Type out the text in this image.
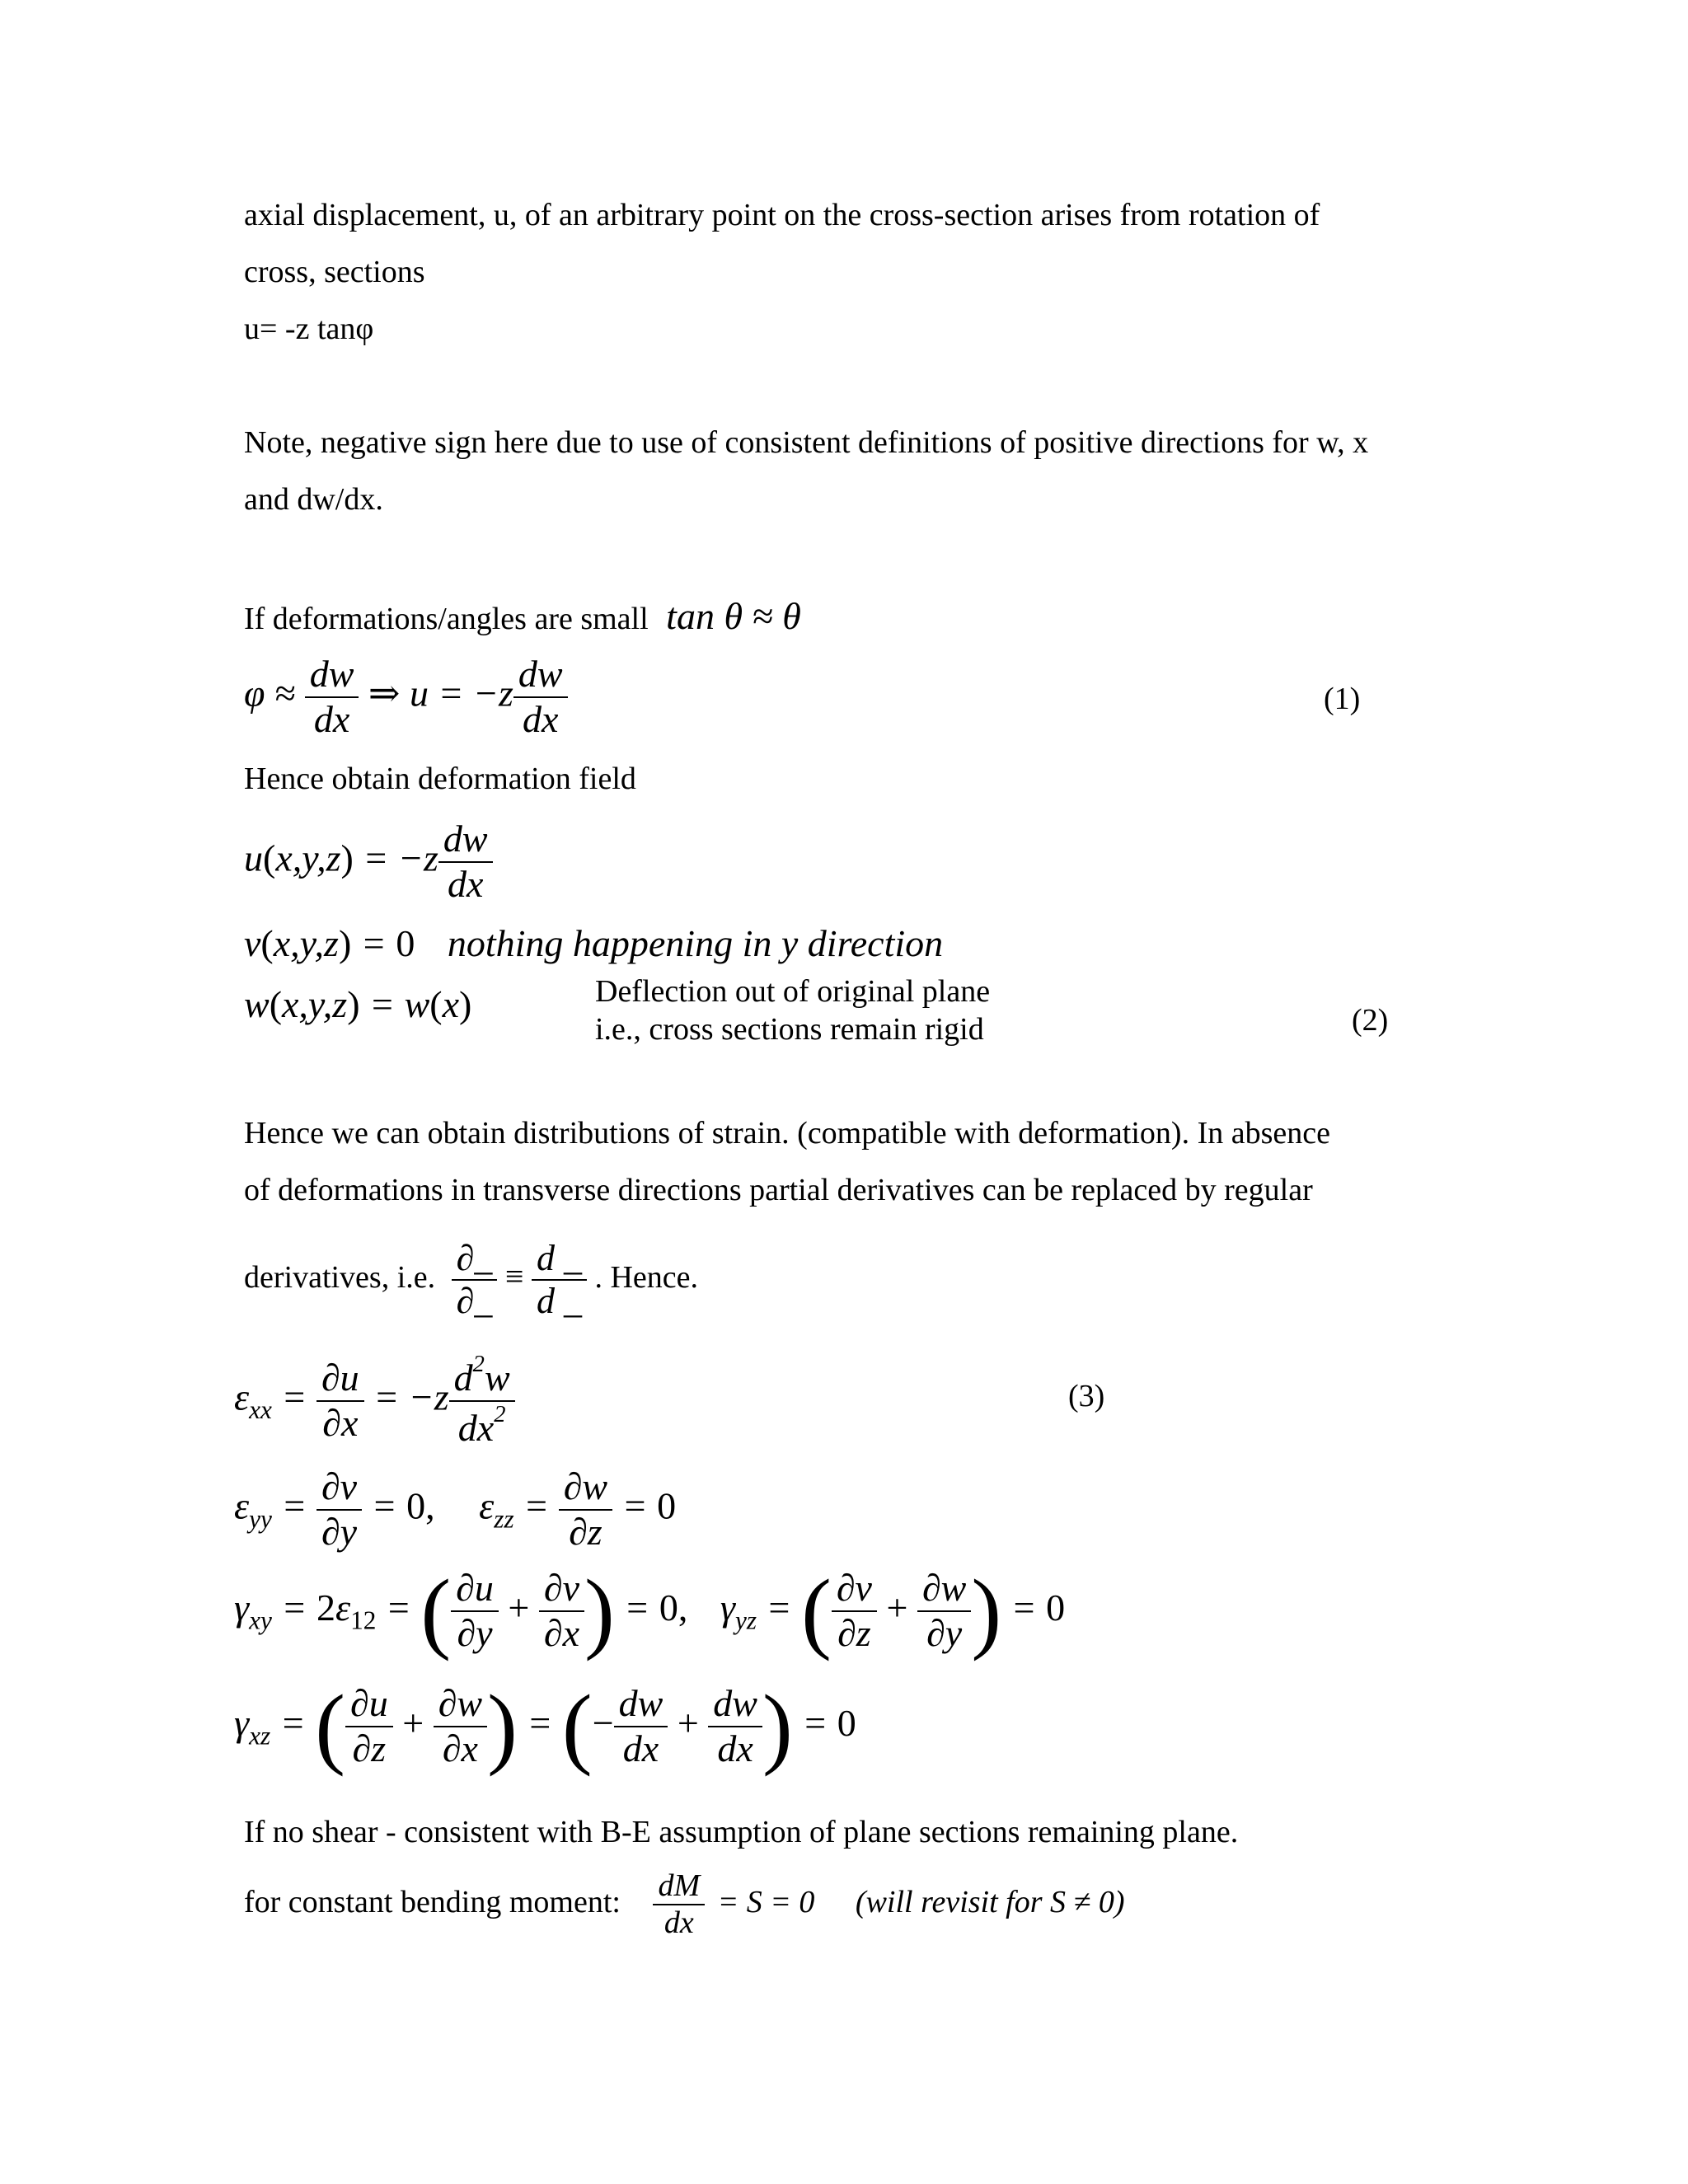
axial displacement, u, of an arbitrary point on the cross-section arises from rotation of
cross, sections
u= -z tanφ
Note, negative sign here due to use of consistent definitions of positive directions for w, x
and dw/dx.
If deformations/angles are small tan θ ≈ θ
$\varphi \approx \frac{dw}{dx}$ ⇒ $u = -z \frac{dw}{dx}$	(1)
Hence obtain deformation field
$u(x,y,z) = -z \frac{dw}{dx}$
v(x,y,z) = 0 nothing happening in y direction
w(x,y,z) = w(x)	Deflection out of original plane
i.e., cross sections remain rigid	(2)
Hence we can obtain distributions of strain. (compatible with deformation). In absence
of deformations in transverse directions partial derivatives can be replaced by regular
derivatives, i.e. $\frac{\partial\_}{\partial\_} \equiv \frac{d \_}{d \_}$ . Hence.
$\varepsilon_{xx} = \frac{\partial u}{\partial x} = -z \frac{d^2w}{dx^2}$	(3)
$\varepsilon_{yy} = \frac{\partial v}{\partial y} = 0$, $\varepsilon_{zz} = \frac{\partial w}{\partial z} = 0$
$\gamma_{xy} = 2\varepsilon_{12}$ = ( $\frac{\partial u}{\partial y} + \frac{\partial v}{\partial x}$ ) = 0, $\gamma_{yz}$ = ( $\frac{\partial v}{\partial z} + \frac{\partial w}{\partial y}$ ) = 0
$\gamma_{xz}$ = ( $\frac{\partial u}{\partial z} + \frac{\partial w}{\partial x}$ ) = (− $\frac{dw}{dx} + \frac{dw}{dx}$ ) = 0
If no shear - consistent with B-E assumption of plane sections remaining plane.
for constant bending moment: $\frac{dM}{dx} = S = 0$ (will revisit for S ≠ 0)
